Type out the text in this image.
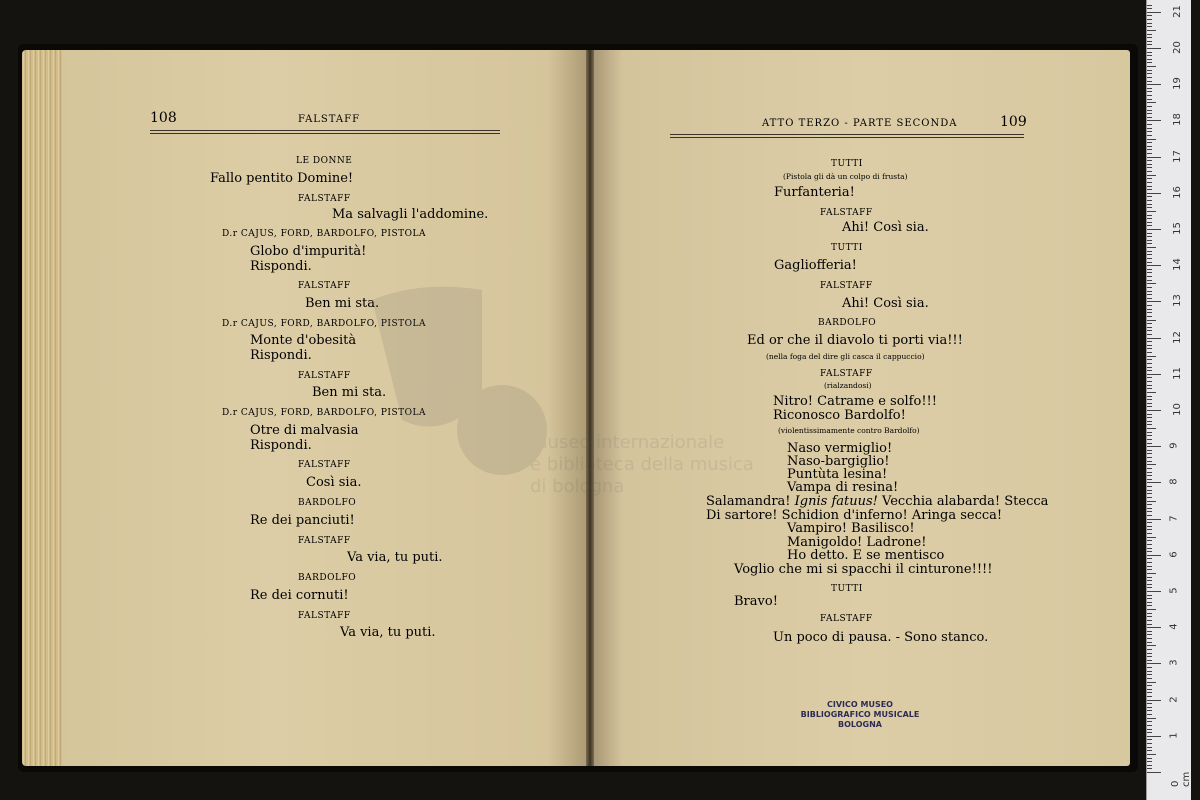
108	FALSTAFF
LE DONNE
Fallo pentito Domine!
FALSTAFF
Ma salvagli l'addomine.
D.r CAJUS, FORD, BARDOLFO, PISTOLA
Globo d'impurità!
Rispondi.
FALSTAFF
Ben mi sta.
D.r CAJUS, FORD, BARDOLFO, PISTOLA
Monte d'obesità
Rispondi.
FALSTAFF
Ben mi sta.
D.r CAJUS, FORD, BARDOLFO, PISTOLA
Otre di malvasia
Rispondi.
FALSTAFF
Così sia.
BARDOLFO
Re dei panciuti!
FALSTAFF
Va via, tu puti.
BARDOLFO
Re dei cornuti!
FALSTAFF
Va via, tu puti.
ATTO TERZO - PARTE SECONDA	109
TUTTI
(Pistola gli dà un colpo di frusta)
Furfanteria!
FALSTAFF
Ahi! Così sia.
TUTTI
Gagliofferia!
FALSTAFF
Ahi! Così sia.
BARDOLFO
Ed or che il diavolo ti porti via!!!
(nella foga del dire gli casca il cappuccio)
FALSTAFF
(rialzandosi)
Nitro! Catrame e solfo!!!
Riconosco Bardolfo!
(violentissimamente contro Bardolfo)
Naso vermiglio!
Naso-bargiglio!
Puntùta lesina!
Vampa di resina!
Salamandra! Ignis fatuus! Vecchia alabarda! Stecca
Di sartore! Schidion d'inferno! Aringa secca!
Vampiro! Basilisco!
Manigoldo! Ladrone!
Ho detto. E se mentisco
Voglio che mi si spacchi il cinturone!!!!
TUTTI
Bravo!
FALSTAFF
Un poco di pausa. - Sono stanco.
museo internazionale
e biblioteca della musica
di bologna
CIVICO MUSEO
BIBLIOGRAFICO MUSICALE
BOLOGNA
0 cm
1
2
3
4
5
6
7
8
9
10
11
12
13
14
15
16
17
18
19
20
21
